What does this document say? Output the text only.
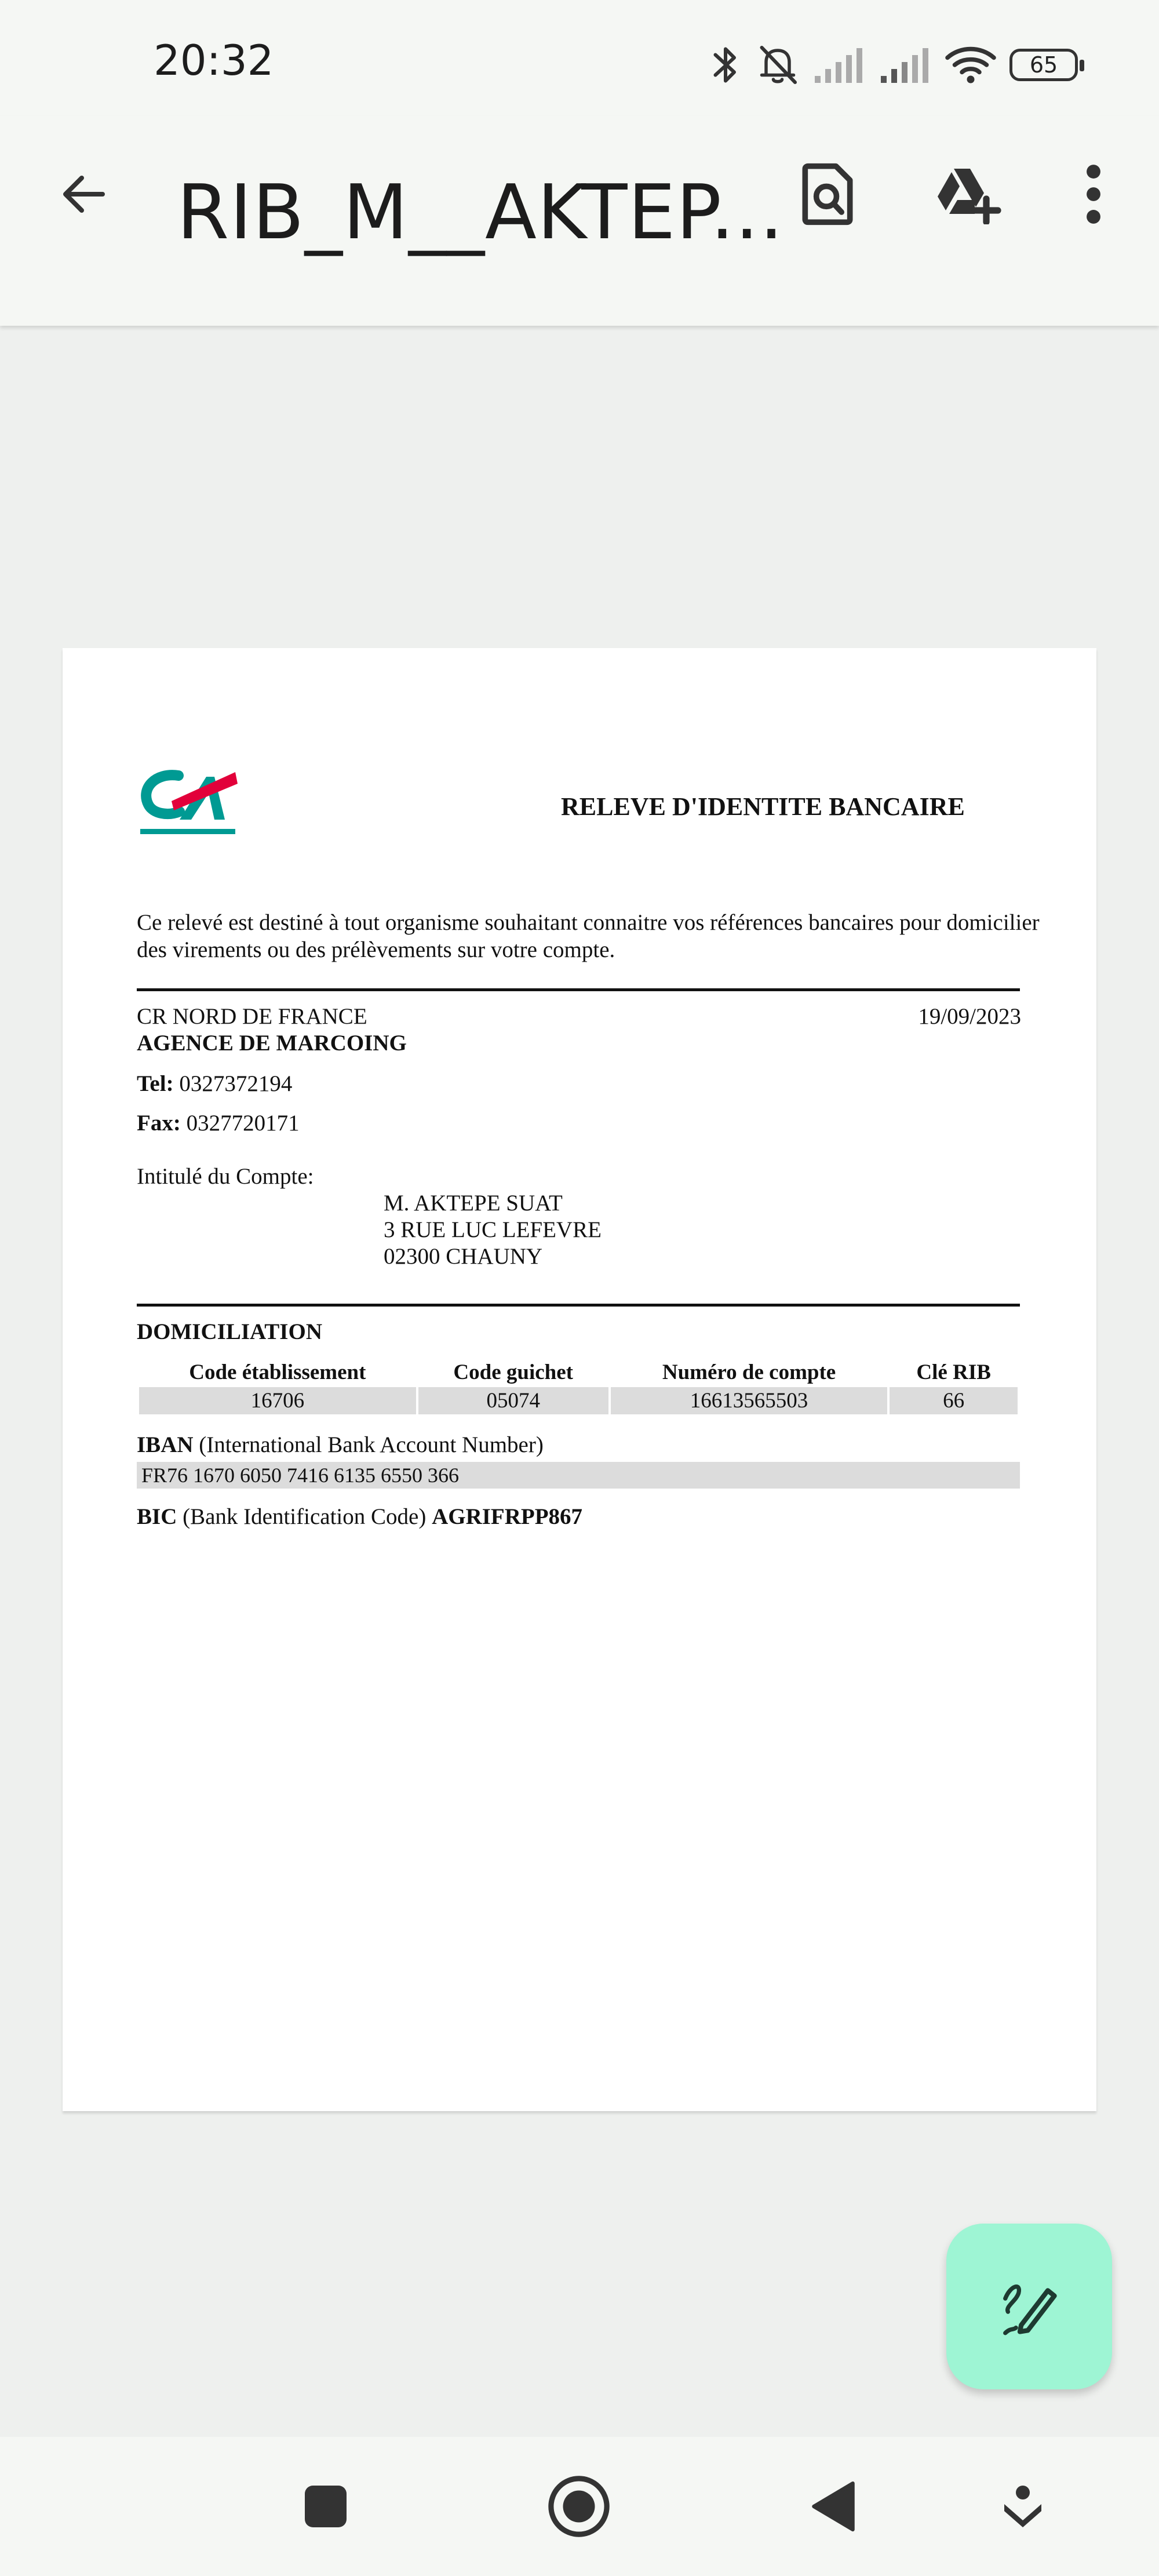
20:32	65
RIB_M__AKTEP...
RELEVE D'IDENTITE BANCAIRE
Ce relevé est destiné à tout organisme souhaitant connaitre vos références bancaires pour domicilier des virements ou des prélèvements sur votre compte.
CR NORD DE FRANCE	19/09/2023
AGENCE DE MARCOING
Tel: 0327372194
Fax: 0327720171
Intitulé du Compte:
M. AKTEPE SUAT
3 RUE LUC LEFEVRE
02300 CHAUNY
DOMICILIATION
Code établissement	Code guichet	Numéro de compte	Clé RIB
16706	05074	16613565503	66
IBAN (International Bank Account Number)
FR76 1670 6050 7416 6135 6550 366
BIC (Bank Identification Code) AGRIFRPP867
